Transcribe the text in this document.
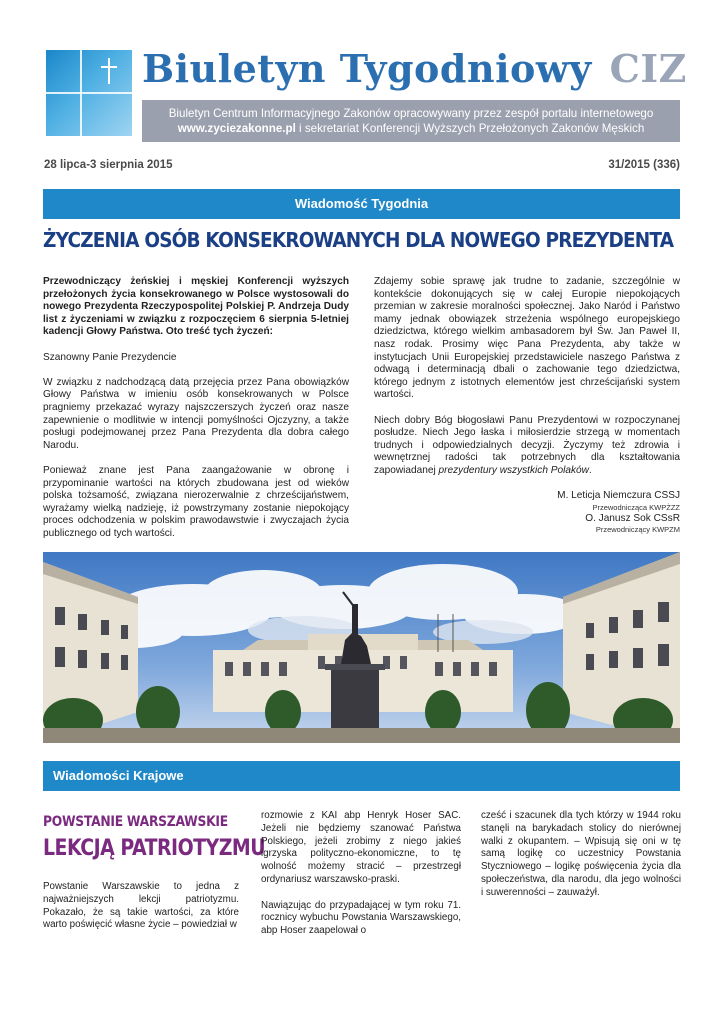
Biuletyn Tygodniowy CIZ
Biuletyn Centrum Informacyjnego Zakonów opracowywany przez zespół portalu internetowego
www.zyciezakonne.pl i sekretariat Konferencji Wyższych Przełożonych Zakonów Męskich
28 lipca-3 sierpnia 2015	31/2015 (336)
Wiadomość Tygodnia
ŻYCZENIA OSÓB KONSEKROWANYCH DLA NOWEGO PREZYDENTA

Przewodniczący żeńskiej i męskiej Konferencji wyższych przełożonych życia konsekrowanego w Polsce wystosowali do nowego Prezydenta Rzeczypospolitej Polskiej P. Andrzeja Dudy list z życzeniami w związku z rozpoczęciem 6 sierpnia 5-letniej kadencji Głowy Państwa. Oto treść tych życzeń:

Szanowny Panie Prezydencie

W związku z nadchodzącą datą przejęcia przez Pana obowiązków Głowy Państwa w imieniu osób konsekrowanych w Polsce pragniemy przekazać wyrazy najszczerszych życzeń oraz nasze zapewnienie o modlitwie w intencji pomyślności Ojczyzny, a także posługi podejmowanej przez Pana Prezydenta dla dobra całego Narodu.

Ponieważ znane jest Pana zaangażowanie w obronę i przypominanie wartości na których zbudowana jest od wieków polska tożsamość, związana nierozerwalnie z chrześcijaństwem, wyrażamy wielką nadzieję, iż powstrzymany zostanie niepokojący proces odchodzenia w polskim prawodawstwie i zwyczajach życia publicznego od tych wartości.

Zdajemy sobie sprawę jak trudne to zadanie, szczególnie w kontekście dokonujących się w całej Europie niepokojących przemian w zakresie moralności społecznej. Jako Naród i Państwo mamy jednak obowiązek strzeżenia wspólnego europejskiego dziedzictwa, którego wielkim ambasadorem był Św. Jan Paweł II, nasz rodak. Prosimy więc Pana Prezydenta, aby także w instytucjach Unii Europejskiej przedstawiciele naszego Państwa z odwagą i determinacją dbali o zachowanie tego dziedzictwa, którego jednym z istotnych elementów jest chrześcijański system wartości.

Niech dobry Bóg błogosławi Panu Prezydentowi w rozpoczynanej posłudze. Niech Jego łaska i miłosierdzie strzegą w momentach trudnych i odpowiedzialnych decyzji. Życzymy też zdrowia i wewnętrznej radości tak potrzebnych dla kształtowania zapowiadanej prezydentury wszystkich Polaków.

M. Leticja Niemczura CSSJ
Przewodnicząca KWPŻZZ
O. Janusz Sok CSsR
Przewodniczący KWPZM
Wiadomości Krajowe
POWSTANIE WARSZAWSKIE
LEKCJĄ PATRIOTYZMU

Powstanie Warszawskie to jedna z najważniejszych lekcji patriotyzmu. Pokazało, że są takie wartości, za które warto poświęcić własne życie – powiedział w

rozmowie z KAI abp Henryk Hoser SAC. Jeżeli nie będziemy szanować Państwa Polskiego, jeżeli zrobimy z niego jakieś igrzyska polityczno-ekonomiczne, to tę wolność możemy stracić – przestrzegł ordynariusz warszawsko-praski.

Nawiązując do przypadającej w tym roku 71. rocznicy wybuchu Powstania Warszawskiego, abp Hoser zaapelował o

cześć i szacunek dla tych którzy w 1944 roku stanęli na barykadach stolicy do nierównej walki z okupantem. – Wpisują się oni w tę samą logikę co uczestnicy Powstania Styczniowego – logikę poświęcenia życia dla społeczeństwa, dla narodu, dla jego wolności i suwerenności – zauważył.
